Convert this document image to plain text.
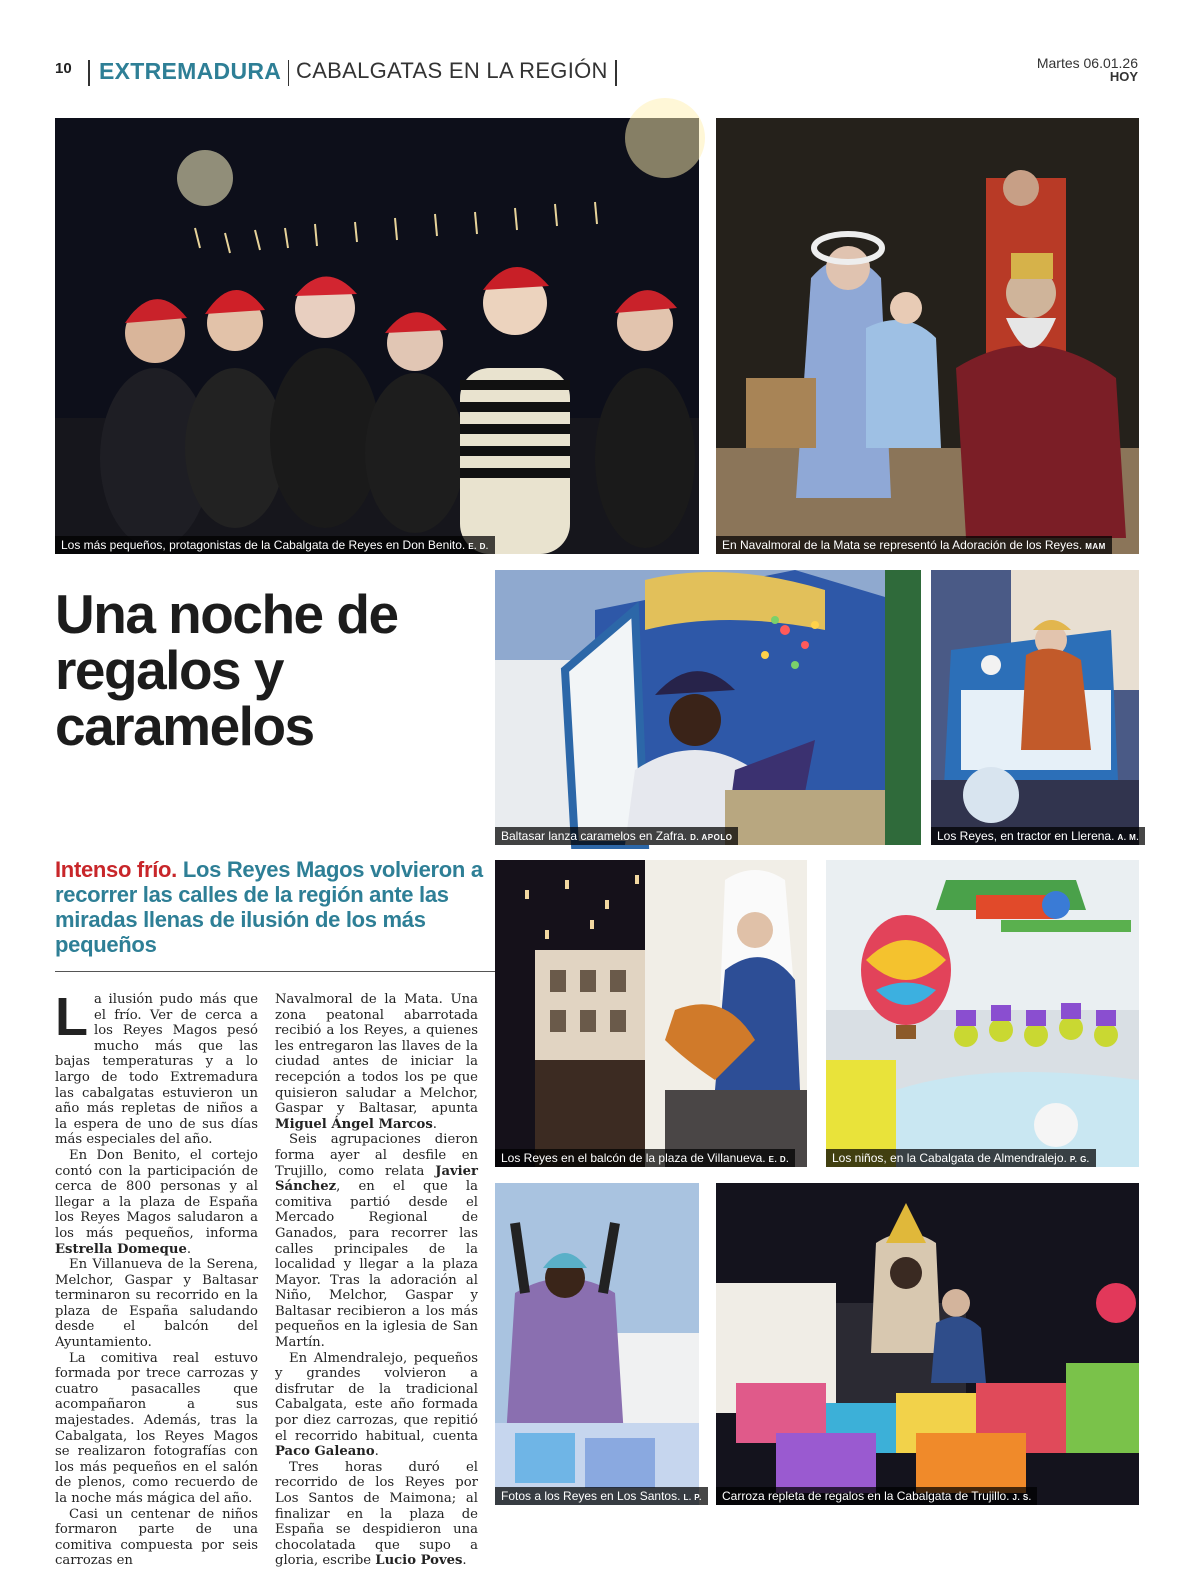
10 EXTREMADURA CABALGATAS EN LA REGIÓN	Martes 06.01.26
HOY
Los más pequeños, protagonistas de la Cabalgata de Reyes en Don Benito. E. D.	En Navalmoral de la Mata se representó la Adoración de los Reyes. MAM
Una noche de regalos y caramelos
Intenso frío. Los Reyes Magos volvieron a recorrer las calles de la región ante las miradas llenas de ilusión de los más pequeños

La ilusión pudo más que el frío. Ver de cerca a los Reyes Magos pesó mucho más que las bajas temperaturas y a lo largo de todo Extremadura las cabalgatas estuvieron un año más repletas de niños a la espera de uno de sus días más especiales del año.

En Don Benito, el cortejo contó con la participación de cerca de 800 personas y al llegar a la plaza de España los Reyes Magos saludaron a los más pequeños, informa Estrella Domeque.

En Villanueva de la Serena, Melchor, Gaspar y Baltasar terminaron su recorrido en la plaza de España saludando desde el balcón del Ayuntamiento.

La comitiva real estuvo formada por trece carrozas y cuatro pasacalles que acompañaron a sus majestades. Además, tras la Cabalgata, los Reyes Magos se realizaron fotografías con los más pequeños en el salón de plenos, como recuerdo de la noche más mágica del año.

Casi un centenar de niños formaron parte de una comitiva compuesta por seis carrozas en

Navalmoral de la Mata. Una zona peatonal abarrotada recibió a los Reyes, a quienes les entregaron las llaves de la ciudad antes de iniciar la recepción a todos los pe que quisieron saludar a Melchor, Gaspar y Baltasar, apunta Miguel Ángel Marcos.

Seis agrupaciones dieron forma ayer al desfile en Trujillo, como relata Javier Sánchez, en el que la comitiva partió desde el Mercado Regional de Ganados, para recorrer las calles principales de la localidad y llegar a la plaza Mayor. Tras la adoración al Niño, Melchor, Gaspar y Baltasar recibieron a los más pequeños en la iglesia de San Martín.

En Almendralejo, pequeños y grandes volvieron a disfrutar de la tradicional Cabalgata, este año formada por diez carrozas, que repitió el recorrido habitual, cuenta Paco Galeano.

Tres horas duró el recorrido de los Reyes por Los Santos de Maimona; al finalizar en la plaza de España se despidieron una chocolatada que supo a gloria, escribe Lucio Poves.

Baltasar lanza caramelos en Zafra. D. APOLO	Los Reyes, en tractor en Llerena. A. M.
Los Reyes en el balcón de la plaza de Villanueva. E. D.	Los niños, en la Cabalgata de Almendralejo. P. G.
Fotos a los Reyes en Los Santos. L. P.	Carroza repleta de regalos en la Cabalgata de Trujillo. J. S.
